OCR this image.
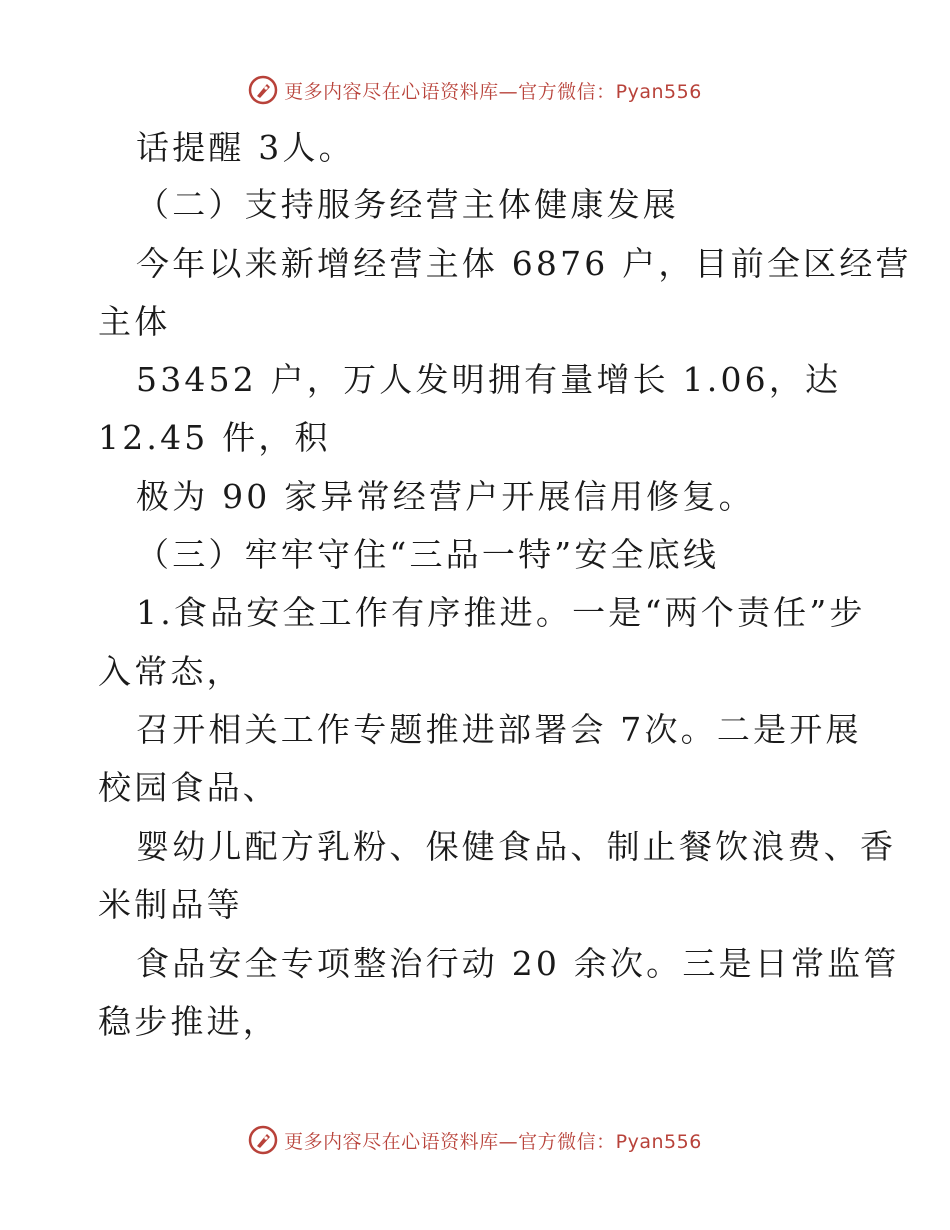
更多内容尽在心语资料库—官方微信：Pyan556
话提醒 3人。
（二）支持服务经营主体健康发展
今年以来新增经营主体 6876 户，目前全区经营
主体
53452 户，万人发明拥有量增长 1.06，达
12.45 件，积
极为 90 家异常经营户开展信用修复。
（三）牢牢守住“三品一特”安全底线
1.食品安全工作有序推进。一是“两个责任”步
入常态，
召开相关工作专题推进部署会 7次。二是开展
校园食品、
婴幼儿配方乳粉、保健食品、制止餐饮浪费、香
米制品等
食品安全专项整治行动 20 余次。三是日常监管
稳步推进，
更多内容尽在心语资料库—官方微信：Pyan556
